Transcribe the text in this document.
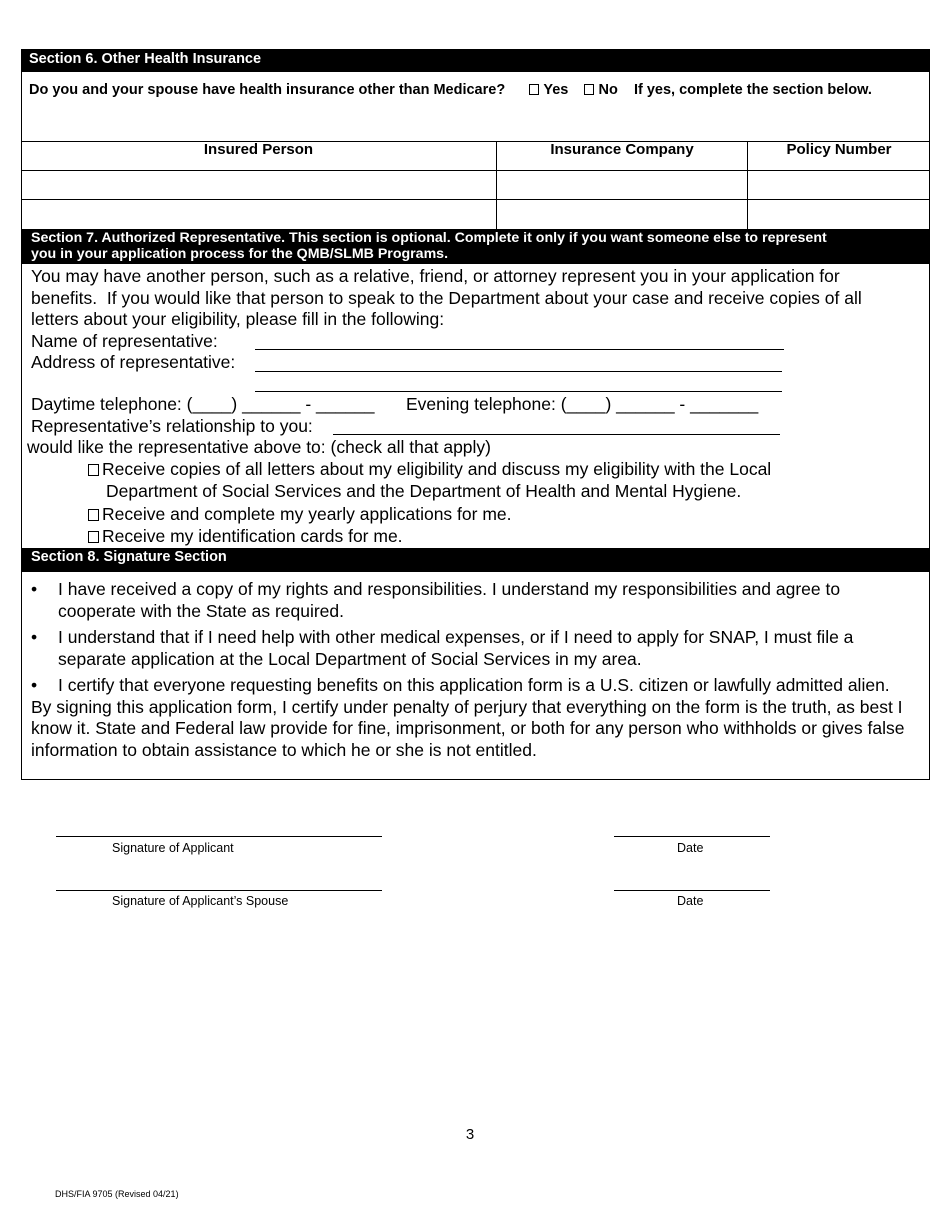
Section 6. Other Health Insurance
Do you and your spouse have health insurance other than Medicare?	Yes No If yes, complete the section below.
Insured Person	Insurance Company	Policy Number
Section 7. Authorized Representative. This section is optional. Complete it only if you want someone else to represent
you in your application process for the QMB/SLMB Programs.
You may have another person, such as a relative, friend, or attorney represent you in your application for
benefits.  If you would like that person to speak to the Department about your case and receive copies of all
letters about your eligibility, please fill in the following:
Name of representative:
Address of representative:
Daytime telephone: (____) ______ - ______ Evening telephone: (____) ______ - _______
Representative’s relationship to you:
would like the representative above to: (check all that apply)
Receive copies of all letters about my eligibility and discuss my eligibility with the Local
Department of Social Services and the Department of Health and Mental Hygiene.
Receive and complete my yearly applications for me.
Receive my identification cards for me.
Section 8. Signature Section
• I have received a copy of my rights and responsibilities. I understand my responsibilities and agree to cooperate with the State as required.
• I understand that if I need help with other medical expenses, or if I need to apply for SNAP, I must file a separate application at the Local Department of Social Services in my area.
• I certify that everyone requesting benefits on this application form is a U.S. citizen or lawfully admitted alien.
By signing this application form, I certify under penalty of perjury that everything on the form is the truth, as best I know it. State and Federal law provide for fine, imprisonment, or both for any person who withholds or gives false information to obtain assistance to which he or she is not entitled.
Signature of Applicant	Date
Signature of Applicant’s Spouse	Date
3
DHS/FIA 9705 (Revised 04/21)
